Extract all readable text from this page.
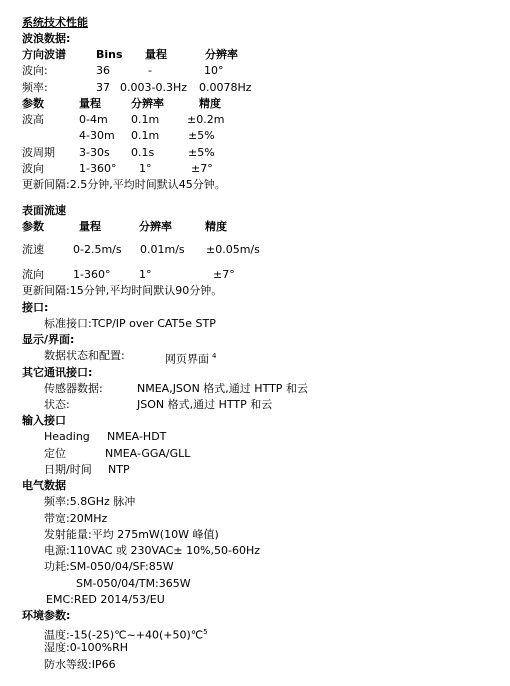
系统技术性能
波浪数据:
方向波谱	Bins 量程	分辨率
波向:	36	-	10°
频率:	37 0.003-0.3Hz 0.0078Hz
参数	量程	分辨率	精度
波高	0-4m 0.1m	±0.2m
4-30m 0.1m	±5%
波周期 3-30s 0.1s	±5%
波向	1-360° 1°	±7°
更新间隔:2.5分钟,平均时间默认45分钟。
表面流速
参数	量程	分辨率	精度
流速	0-2.5m/s 0.01m/s ±0.05m/s
流向	1-360°	1°	±7°
更新间隔:15分钟,平均时间默认90分钟。
接口:
标准接口:TCP/IP over CAT5e STP
显示/界面:
数据状态和配置:	网页界面 $^4$
其它通讯接口:
传感器数据:	NMEA,JSON 格式,通过 HTTP 和云
状态:	JSON 格式,通过 HTTP 和云
输入接口
Heading NMEA-HDT
定位	NMEA-GGA/GLL
日期/时间 NTP
电气数据
频率:5.8GHz 脉冲
带宽:20MHz
发射能量:平均 275mW(10W 峰值)
电源:110VAC 或 230VAC± 10%,50-60Hz
功耗:SM-050/04/SF:85W
SM-050/04/TM:365W
EMC:RED 2014/53/EU
环境参数:
温度:-15(-25)℃~+40(+50)℃$^5$
湿度:0-100%RH
防水等级:IP66
